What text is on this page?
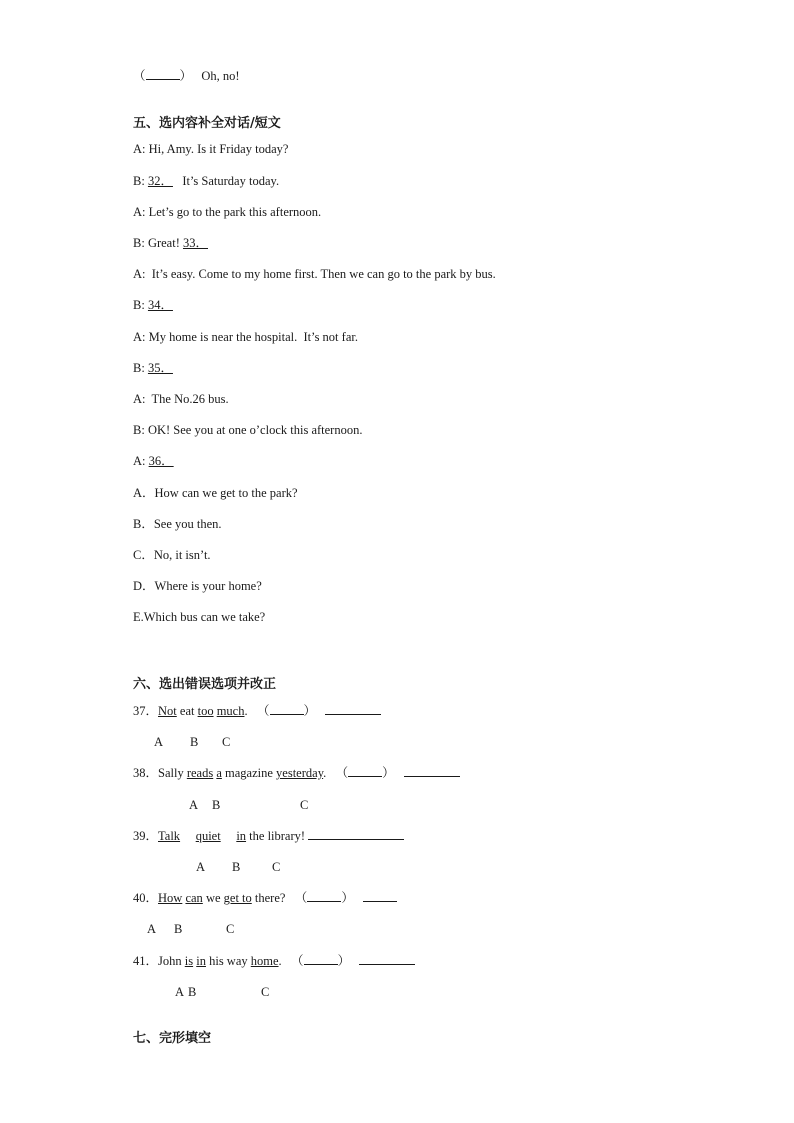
（	） Oh, no!
五、选内容补全对话/短文
A: Hi, Amy. Is it Friday today?
B: 32． It’s Saturday today.
A: Let’s go to the park this afternoon.
B: Great! 33．
A: It’s easy. Come to my home first. Then we can go to the park by bus.
B: 34．
A: My home is near the hospital.  It’s not far.
B: 35．
A: The No.26 bus.
B: OK! See you at one o’clock this afternoon.
A: 36．
A．How can we get to the park?
B．See you then.
C．No, it isn’t.
D．Where is your home?
E.Which bus can we take?
六、选出错误选项并改正
37．Not eat too much. （	）
A B C
38．Sally reads a magazine yesterday. （	）
A B	C
39．Talk quiet in the library!
A B	C
40．How can we get to there? （	）
A B	C
41．John is in his way home. （	）
A B	C
七、完形填空
